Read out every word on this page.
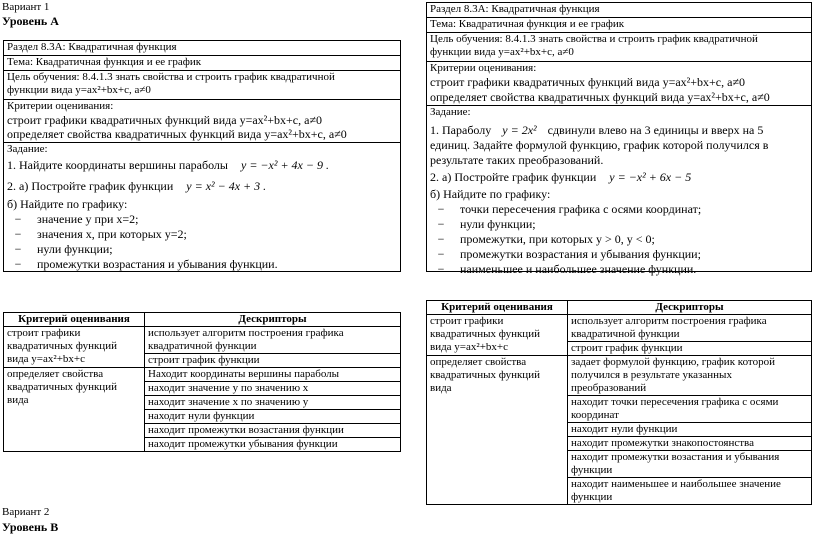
Вариант 1
Уровень А
Раздел 8.3A: Квадратичная функция
Тема: Квадратичная функция и ее график
Цель обучения: 8.4.1.3 знать свойства и строить график квадратичной
функции вида y=ax²+bx+c, a≠0
Критерии оценивания:
строит графики квадратичных функций вида y=ax²+bx+c, a≠0
определяет свойства квадратичных функций вида y=ax²+bx+c, a≠0
Задание:
1. Найдите координаты вершины параболы y = −x² + 4x − 9 .
2. а) Постройте график функции y = x² − 4x + 3 .
б) Найдите по графику:
−	значение y при x=2;
−	значения x, при которых y=2;
−	нули функции;
−	промежутки возрастания и убывания функции.
Критерий оценивания	Дескрипторы
строит графики квадратичных функций вида y=ax²+bx+c	использует алгоритм построения графика квадратичной функции
	строит график функции
определяет свойства квадратичных функций вида	Находит координаты вершины параболы
	находит значение y по значению x
	находит значение x по значению y
	находит нули функции
	находит промежутки возастания функции
	находит промежутки убывания функции
Вариант 2
Уровень В
Раздел 8.3A: Квадратичная функция
Тема: Квадратичная функция и ее график
Цель обучения: 8.4.1.3 знать свойства и строить график квадратичной
функции вида y=ax²+bx+c, a≠0
Критерии оценивания:
строит графики квадратичных функций вида y=ax²+bx+c, a≠0
определяет свойства квадратичных функций вида y=ax²+bx+c, a≠0
Задание:
1. Параболу y = 2x² сдвинули влево на 3 единицы и вверх на 5
единиц. Задайте формулой функцию, график которой получился в
результате таких преобразований.
2. а) Постройте график функции y = −x² + 6x − 5
б) Найдите по графику:
−	точки пересечения графика с осями координат;
−	нули функции;
−	промежутки, при которых y > 0, y < 0;
−	промежутки возрастания и убывания функции;
−	наименьшее и наибольшее значение функции.
Критерий оценивания	Дескрипторы
строит графики квадратичных функций вида y=ax²+bx+c	использует алгоритм построения графика квадратичной функции
	строит график функции
определяет свойства квадратичных функций вида	задает формулой функцию, график которой получился в результате указанных преобразований
	находит точки пересечения графика с осями координат
	находит нули функции
	находит промежутки знакопостоянства
	находит промежутки возастания и убывания функции
	находит наименьшее и наибольшее значение функции
